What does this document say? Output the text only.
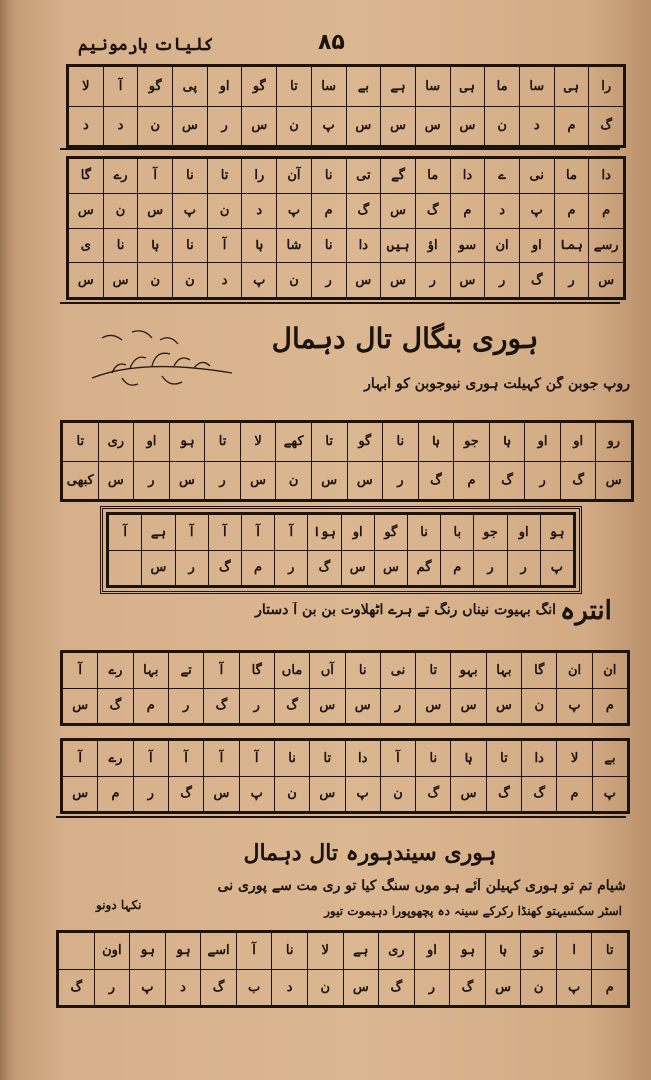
کلیات ہارمونیم	۸۵
را	ہی	سا	ما	ہی	سا	ہے	بے	سا	تا	گو	او	پی	گو	آ	لا
گ	م	د	ن	س	س	س	س	پ	ن	س	ر	س	ن	د	د
دا	ما	نی	ے	دا	ما	گے	تی	نا	آن	را	تا	نا	آ	رے	گا
م	م	پ	د	م	گ	س	گ	م	پ	د	ن	پ	س	ن	س
رسے	ہما	او	ان	سو	اؤ	ہیں	دا	نا	شا	ہا	آ	نا	ہا	نا	ی
س	ر	گ	ر	س	ر	س	س	ر	ن	پ	د	ن	ن	س	س
ہوری بنگال تال دہمال
روپ جوبن گن کہیلت ہوری نیوجوبن کو اُبہار
رو	او	او	ہا	جو	ہا	نا	گو	تا	کھے	لا	تا	ہو	او	ری	تا
س	گ	ر	گ	م	گ	ر	س	س	ن	س	ر	س	ر	س	کبھی
ہو	او	جو	با	نا	گو	او	ہوا	آ	آ	آ	آ	ہے	آ
پ	ر	ر	م	گم	س	س	گ	ر	م	گ	ر	س	
انترہ
انگ بہیوت نیناں رنگ تے ہرے اٹھلاوت بن بن آ دستار
ان	ان	گا	بہا	بہو	تا	نی	نا	آں	ماں	گا	آ	تے	بہا	رے	آ
م	پ	ن	س	س	س	ر	س	س	گ	ر	گ	ر	م	گ	س
بے	لا	دا	تا	ہا	نا	آ	دا	تا	نا	آ	آ	آ	آ	رے	آ
پ	م	گ	گ	س	گ	ن	پ	س	ن	پ	س	گ	ر	م	س
ہوری سیندہورہ تال دہمال
شیام تم تو ہوری کہیلن آئے ہو موں سنگ کیا تو ری مت سے پوری نی
نکہا دونو	اسٹر سکسیہتو کھنڈا رکرکے سینہ دہ پچھوپورا دہیموت تیور
تا	ا	تو	ہا	ہو	او	ری	ہے	لا	نا	آ	اسے	ہو	ہو	اون	
م	پ	ن	س	گ	ر	گ	س	ن	د	ب	گ	د	پ	ر	گ
